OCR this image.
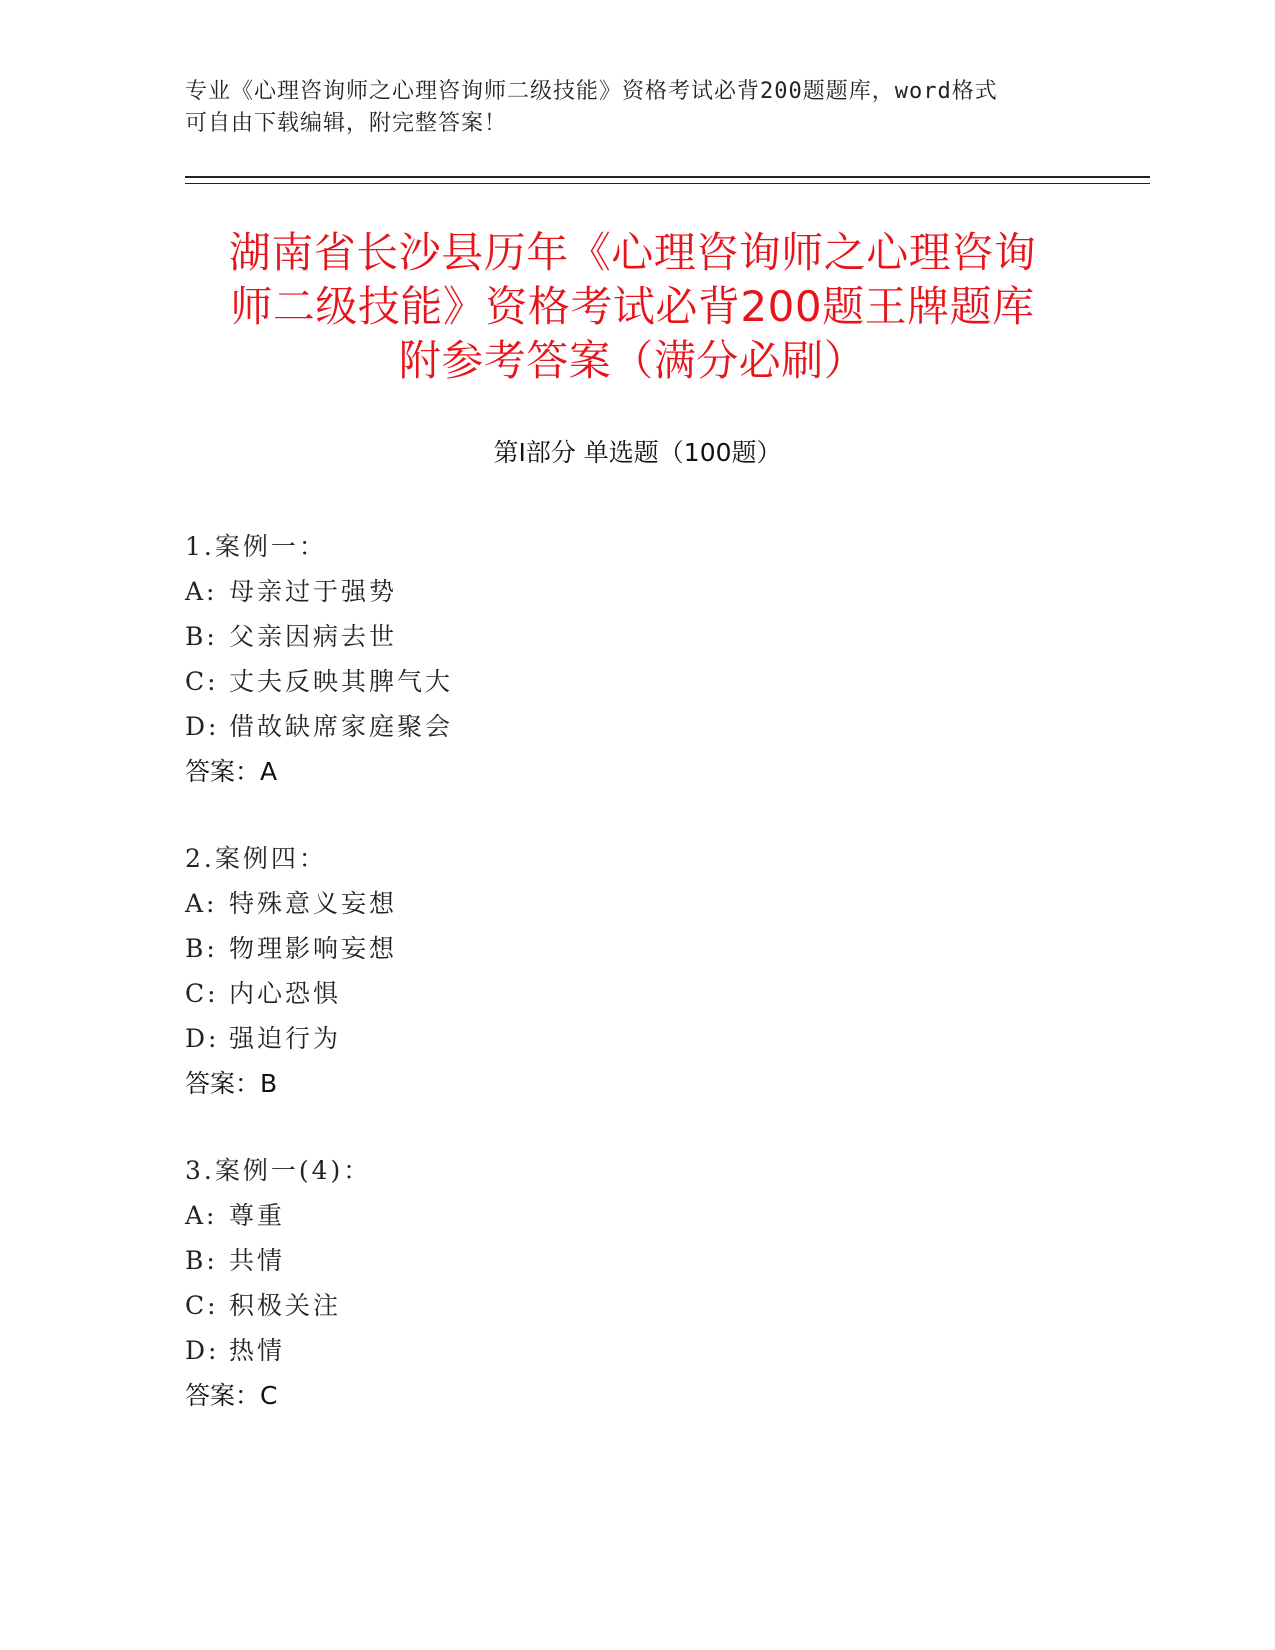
专业《心理咨询师之心理咨询师二级技能》资格考试必背200题题库，word格式
可自由下载编辑，附完整答案！
湖南省长沙县历年《心理咨询师之心理咨询
师二级技能》资格考试必背200题王牌题库
附参考答案（满分必刷）
第Ⅰ部分 单选题（100题）
1.案例一：
A: 母亲过于强势
B: 父亲因病去世
C: 丈夫反映其脾气大
D: 借故缺席家庭聚会
答案：A
2.案例四：
A: 特殊意义妄想
B: 物理影响妄想
C: 内心恐惧
D: 强迫行为
答案：B
3.案例一(4)：
A: 尊重
B: 共情
C: 积极关注
D: 热情
答案：C
